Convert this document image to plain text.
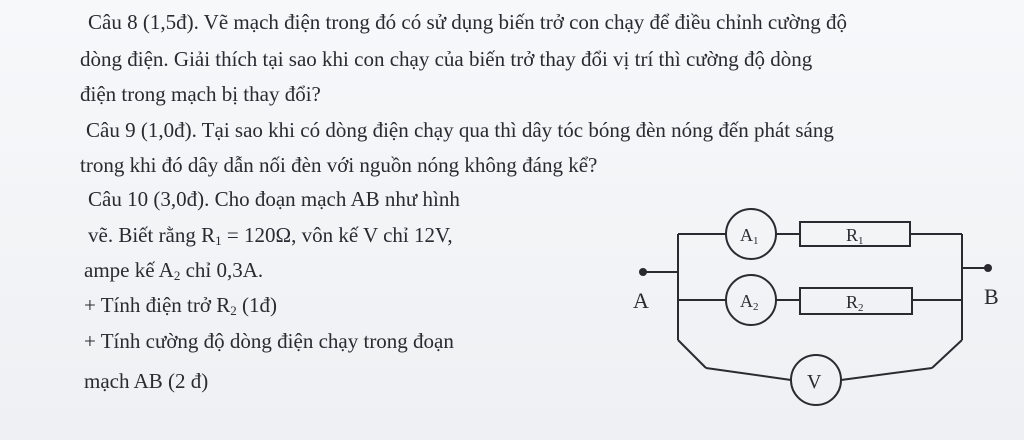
Câu 8 (1,5đ). Vẽ mạch điện trong đó có sử dụng biến trở con chạy để điều chỉnh cường độ
dòng điện. Giải thích tại sao khi con chạy của biến trở thay đổi vị trí thì cường độ dòng
điện trong mạch bị thay đổi?
Câu 9 (1,0đ). Tại sao khi có dòng điện chạy qua thì dây tóc bóng đèn nóng đến phát sáng
trong khi đó dây dẫn nối đèn với nguồn nóng không đáng kể?
Câu 10 (3,0đ). Cho đoạn mạch AB như hình
vẽ. Biết rằng $R_1 = 120\Omega$, vôn kế V chỉ 12V,
ampe kế $A_2$ chỉ 0,3A.
+ Tính điện trở $R_2$ (1đ)
+ Tính cường độ dòng điện chạy trong đoạn
mạch AB (2 đ)
A	B
A1	R1
A2	R2
V
